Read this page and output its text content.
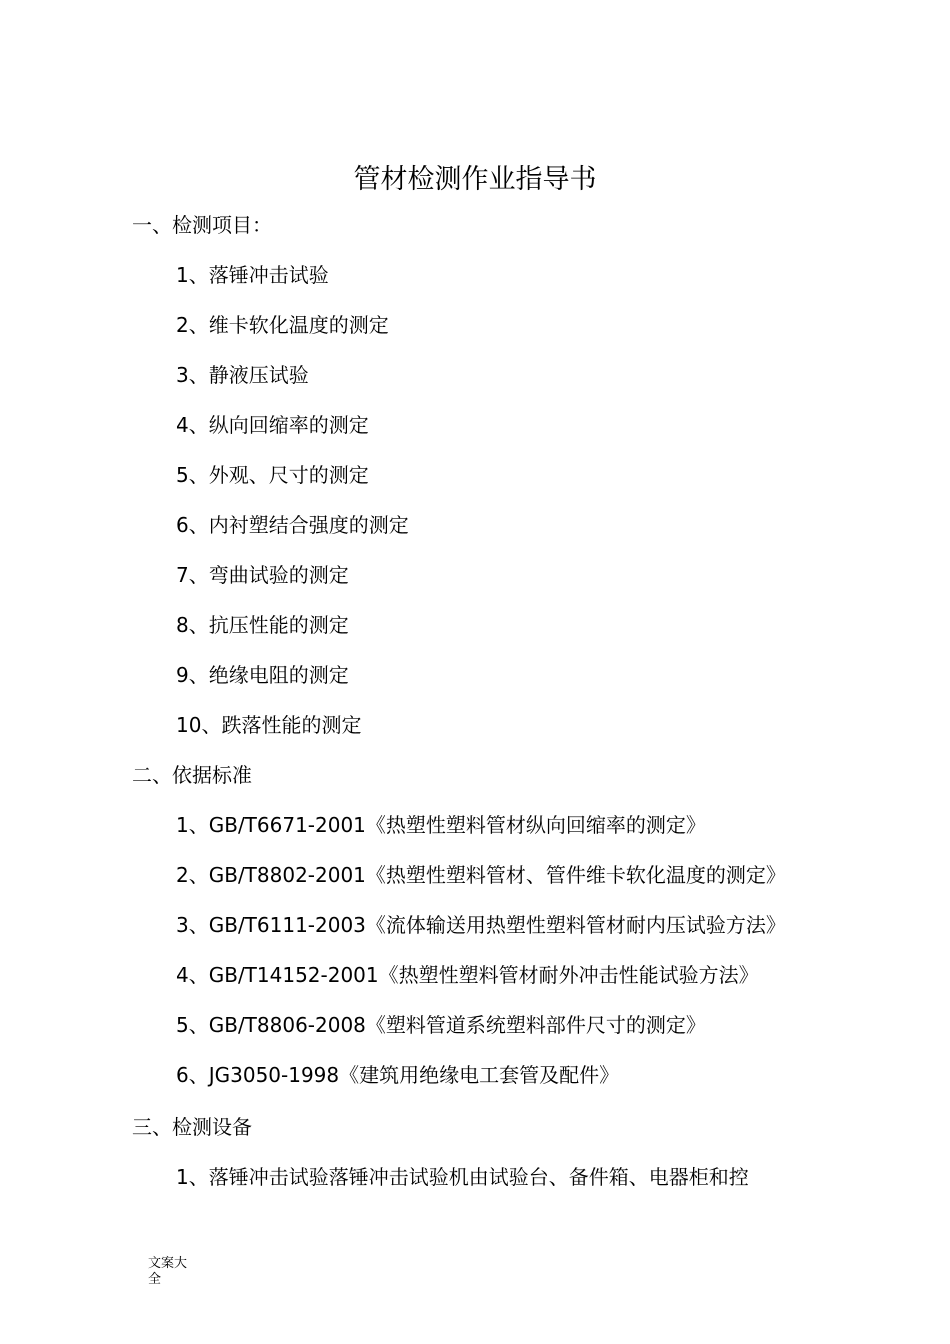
管材检测作业指导书
一、检测项目：
1、落锤冲击试验
2、维卡软化温度的测定
3、静液压试验
4、纵向回缩率的测定
5、外观、尺寸的测定
6、内衬塑结合强度的测定
7、弯曲试验的测定
8、抗压性能的测定
9、绝缘电阻的测定
10、跌落性能的测定
二、依据标准
1、GB/T6671-2001《热塑性塑料管材纵向回缩率的测定》
2、GB/T8802-2001《热塑性塑料管材、管件维卡软化温度的测定》
3、GB/T6111-2003《流体输送用热塑性塑料管材耐内压试验方法》
4、GB/T14152-2001《热塑性塑料管材耐外冲击性能试验方法》
5、GB/T8806-2008《塑料管道系统塑料部件尺寸的测定》
6、JG3050-1998《建筑用绝缘电工套管及配件》
三、检测设备
1、落锤冲击试验落锤冲击试验机由试验台、备件箱、电器柜和控
文案大全
